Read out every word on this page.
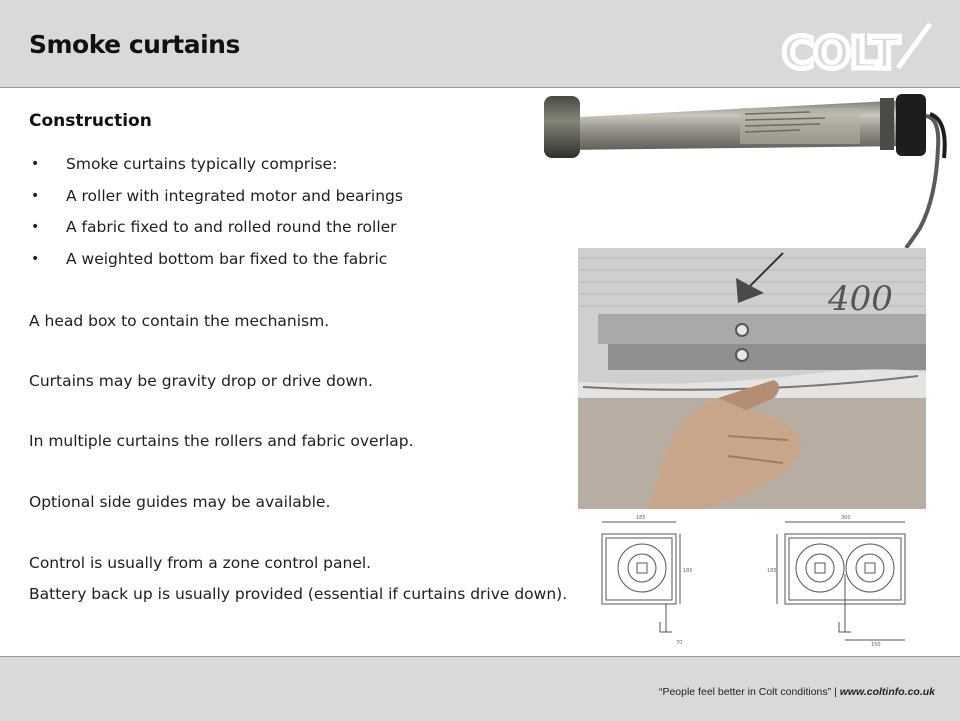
Smoke curtains	COLT
Construction
• Smoke curtains typically comprise:
• A roller with integrated motor and bearings
• A fabric fixed to and rolled round the roller
• A weighted bottom bar fixed to the fabric
A head box to contain the mechanism.
Curtains may be gravity drop or drive down.
In multiple curtains the rollers and fabric overlap.
Optional side guides may be available.
Control is usually from a zone control panel.
Battery back up is usually provided (essential if curtains drive down).
400
185
185
70
300
185
150
“People feel better in Colt conditions” | www.coltinfo.co.uk
